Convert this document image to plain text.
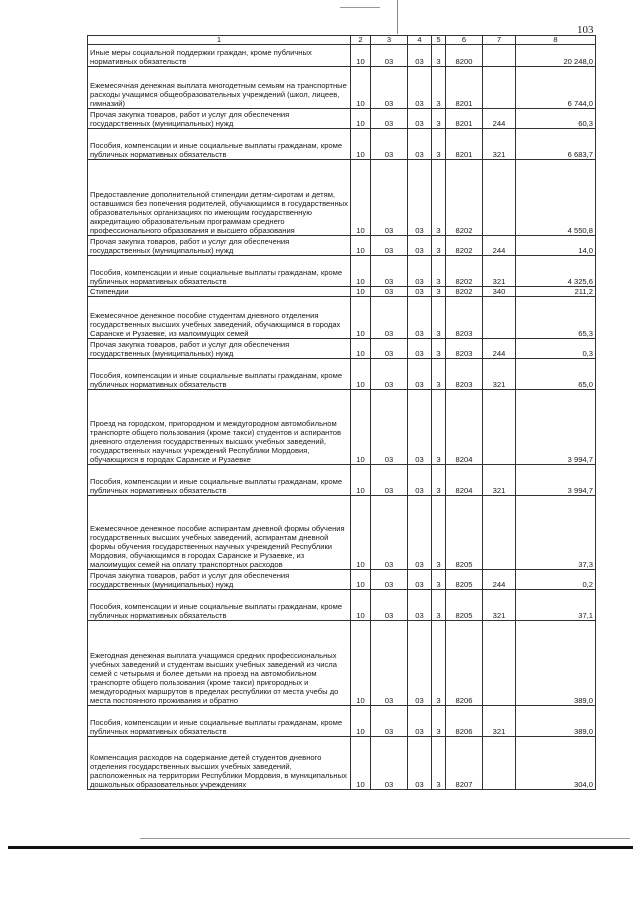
103
1	2	3	4	5	6	7	8
Иные меры социальной поддержки граждан, кроме публичных нормативных обязательств	10	03	03	3	8200		20 248,0
Ежемесячная денежная выплата многодетным семьям на транспортные расходы учащимся общеобразовательных учреждений (школ, лицеев, гимназий)	10	03	03	3	8201		6 744,0
Прочая закупка товаров, работ и услуг для обеспечения государственных (муниципальных) нужд	10	03	03	3	8201	244	60,3
Пособия, компенсации и иные социальные выплаты гражданам, кроме публичных нормативных обязательств	10	03	03	3	8201	321	6 683,7
Предоставление дополнительной стипендии детям-сиротам и детям, оставшимся без попечения родителей, обучающимся в государственных образовательных организациях по имеющим государственную аккредитацию образовательным программам среднего профессионального образования и высшего образования	10	03	03	3	8202		4 550,8
Прочая закупка товаров, работ и услуг для обеспечения государственных (муниципальных) нужд	10	03	03	3	8202	244	14,0
Пособия, компенсации и иные социальные выплаты гражданам, кроме публичных нормативных обязательств	10	03	03	3	8202	321	4 325,6
Стипендии	10	03	03	3	8202	340	211,2
Ежемесячное денежное пособие студентам дневного отделения государственных высших учебных заведений, обучающимся в городах Саранске и Рузаевке, из малоимущих семей	10	03	03	3	8203		65,3
Прочая закупка товаров, работ и услуг для обеспечения государственных (муниципальных) нужд	10	03	03	3	8203	244	0,3
Пособия, компенсации и иные социальные выплаты гражданам, кроме публичных нормативных обязательств	10	03	03	3	8203	321	65,0
Проезд на городском, пригородном и междугородном автомобильном транспорте общего пользования (кроме такси) студентов и аспирантов дневного отделения государственных высших учебных заведений, государственных научных учреждений Республики Мордовия, обучающихся в городах Саранске и Рузаевке	10	03	03	3	8204		3 994,7
Пособия, компенсации и иные социальные выплаты гражданам, кроме публичных нормативных обязательств	10	03	03	3	8204	321	3 994,7
Ежемесячное денежное пособие аспирантам дневной формы обучения государственных высших учебных заведений, аспирантам дневной формы обучения государственных научных учреждений Республики Мордовия, обучающимся в городах Саранске и Рузаевке, из малоимущих семей на оплату транспортных расходов	10	03	03	3	8205		37,3
Прочая закупка товаров, работ и услуг для обеспечения государственных (муниципальных) нужд	10	03	03	3	8205	244	0,2
Пособия, компенсации и иные социальные выплаты гражданам, кроме публичных нормативных обязательств	10	03	03	3	8205	321	37,1
Ежегодная денежная выплата учащимся средних профессиональных учебных заведений и студентам высших учебных заведений из числа семей с четырьмя и более детьми на проезд на автомобильном транспорте общего пользования (кроме такси) пригородных и междугородных маршрутов в пределах республики от места учебы до места постоянного проживания и обратно	10	03	03	3	8206		389,0
Пособия, компенсации и иные социальные выплаты гражданам, кроме публичных нормативных обязательств	10	03	03	3	8206	321	389,0
Компенсация расходов на содержание детей студентов дневного отделения государственных высших учебных заведений, расположенных на территории Республики Мордовия, в муниципальных дошкольных образовательных учреждениях	10	03	03	3	8207		304,0
